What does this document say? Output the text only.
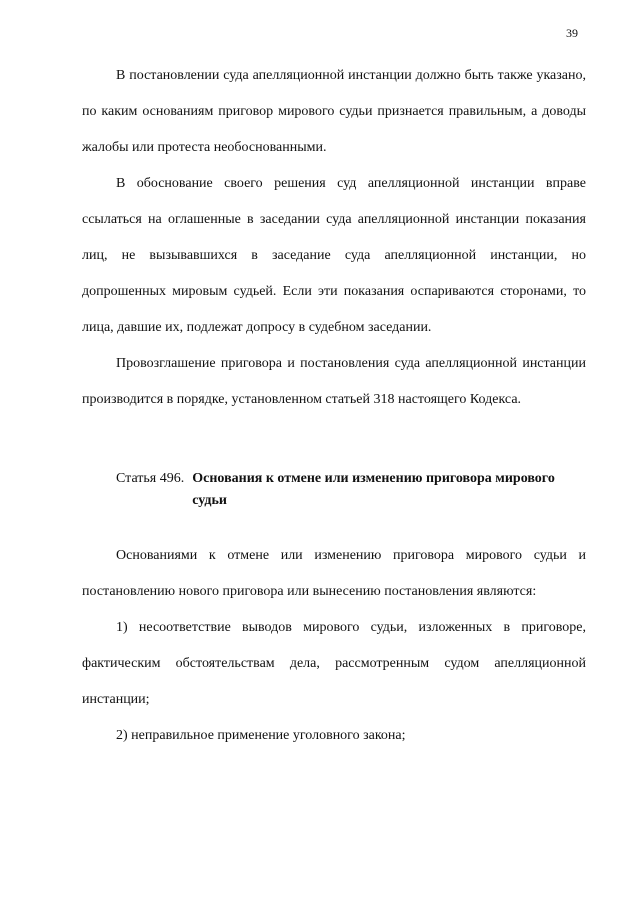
39

В постановлении суда апелляционной инстанции должно быть также указано, по каким основаниям приговор мирового судьи признается правильным, а доводы жалобы или протеста необоснованными.

В обоснование своего решения суд апелляционной инстанции вправе ссылаться на оглашенные в заседании суда апелляционной инстанции показания лиц, не вызывавшихся в заседание суда апелляционной инстанции, но допрошенных мировым судьей. Если эти показания оспариваются сторонами, то лица, давшие их, подлежат допросу в судебном заседании.

Провозглашение приговора и постановления суда апелляционной инстанции производится в порядке, установленном статьей 318 настоящего Кодекса.

Статья 496. Основания к отмене или изменению приговора мирового судьи

Основаниями к отмене или изменению приговора мирового судьи и постановлению нового приговора или вынесению постановления являются:

1) несоответствие выводов мирового судьи, изложенных в приговоре, фактическим обстоятельствам дела, рассмотренным судом апелляционной инстанции;

2) неправильное применение уголовного закона;
